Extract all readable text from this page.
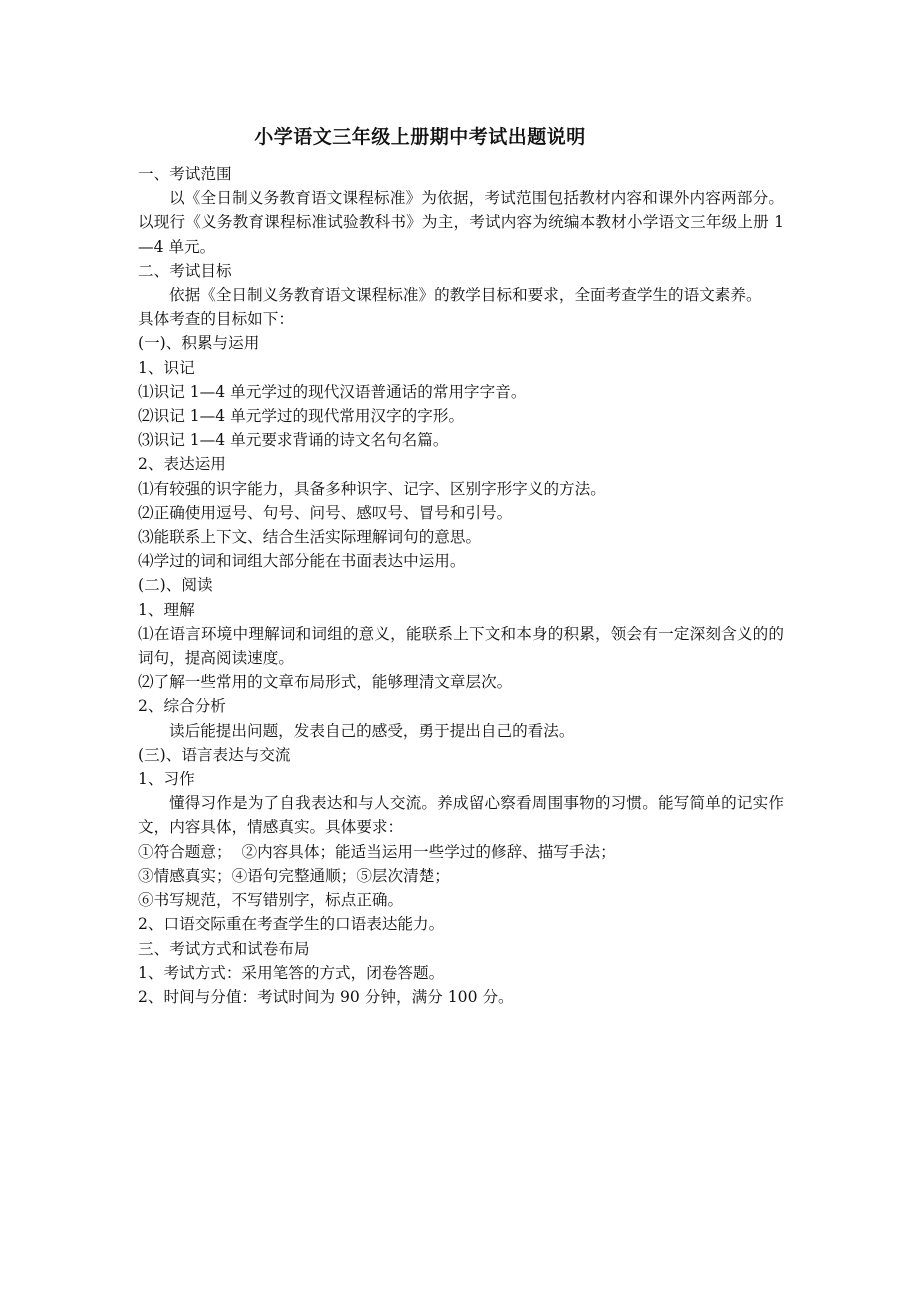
小学语文三年级上册期中考试出题说明
一、考试范围
以《全日制义务教育语文课程标准》为依据，考试范围包括教材内容和课外内容两部分。以现行《义务教育课程标准试验教科书》为主，考试内容为统编本教材小学语文三年级上册 1—4 单元。
二、考试目标
依据《全日制义务教育语文课程标准》的教学目标和要求，全面考查学生的语文素养。
具体考查的目标如下：
(一)、积累与运用
1、识记
⑴识记 1—4 单元学过的现代汉语普通话的常用字字音。
⑵识记 1—4 单元学过的现代常用汉字的字形。
⑶识记 1—4 单元要求背诵的诗文名句名篇。
2、表达运用
⑴有较强的识字能力，具备多种识字、记字、区别字形字义的方法。
⑵正确使用逗号、句号、问号、感叹号、冒号和引号。
⑶能联系上下文、结合生活实际理解词句的意思。
⑷学过的词和词组大部分能在书面表达中运用。
(二)、阅读
1、理解
⑴在语言环境中理解词和词组的意义，能联系上下文和本身的积累，领会有一定深刻含义的的词句，提高阅读速度。
⑵了解一些常用的文章布局形式，能够理清文章层次。
2、综合分析
读后能提出问题，发表自己的感受，勇于提出自己的看法。
(三)、语言表达与交流
1、习作
懂得习作是为了自我表达和与人交流。养成留心察看周围事物的习惯。能写简单的记实作文，内容具体，情感真实。具体要求：
①符合题意；  ②内容具体；能适当运用一些学过的修辞、描写手法；
③情感真实；④语句完整通顺；⑤层次清楚；
⑥书写规范，不写错别字，标点正确。
2、口语交际重在考查学生的口语表达能力。
三、考试方式和试卷布局
1、考试方式：采用笔答的方式，闭卷答题。
2、时间与分值：考试时间为 90 分钟，满分 100 分。
